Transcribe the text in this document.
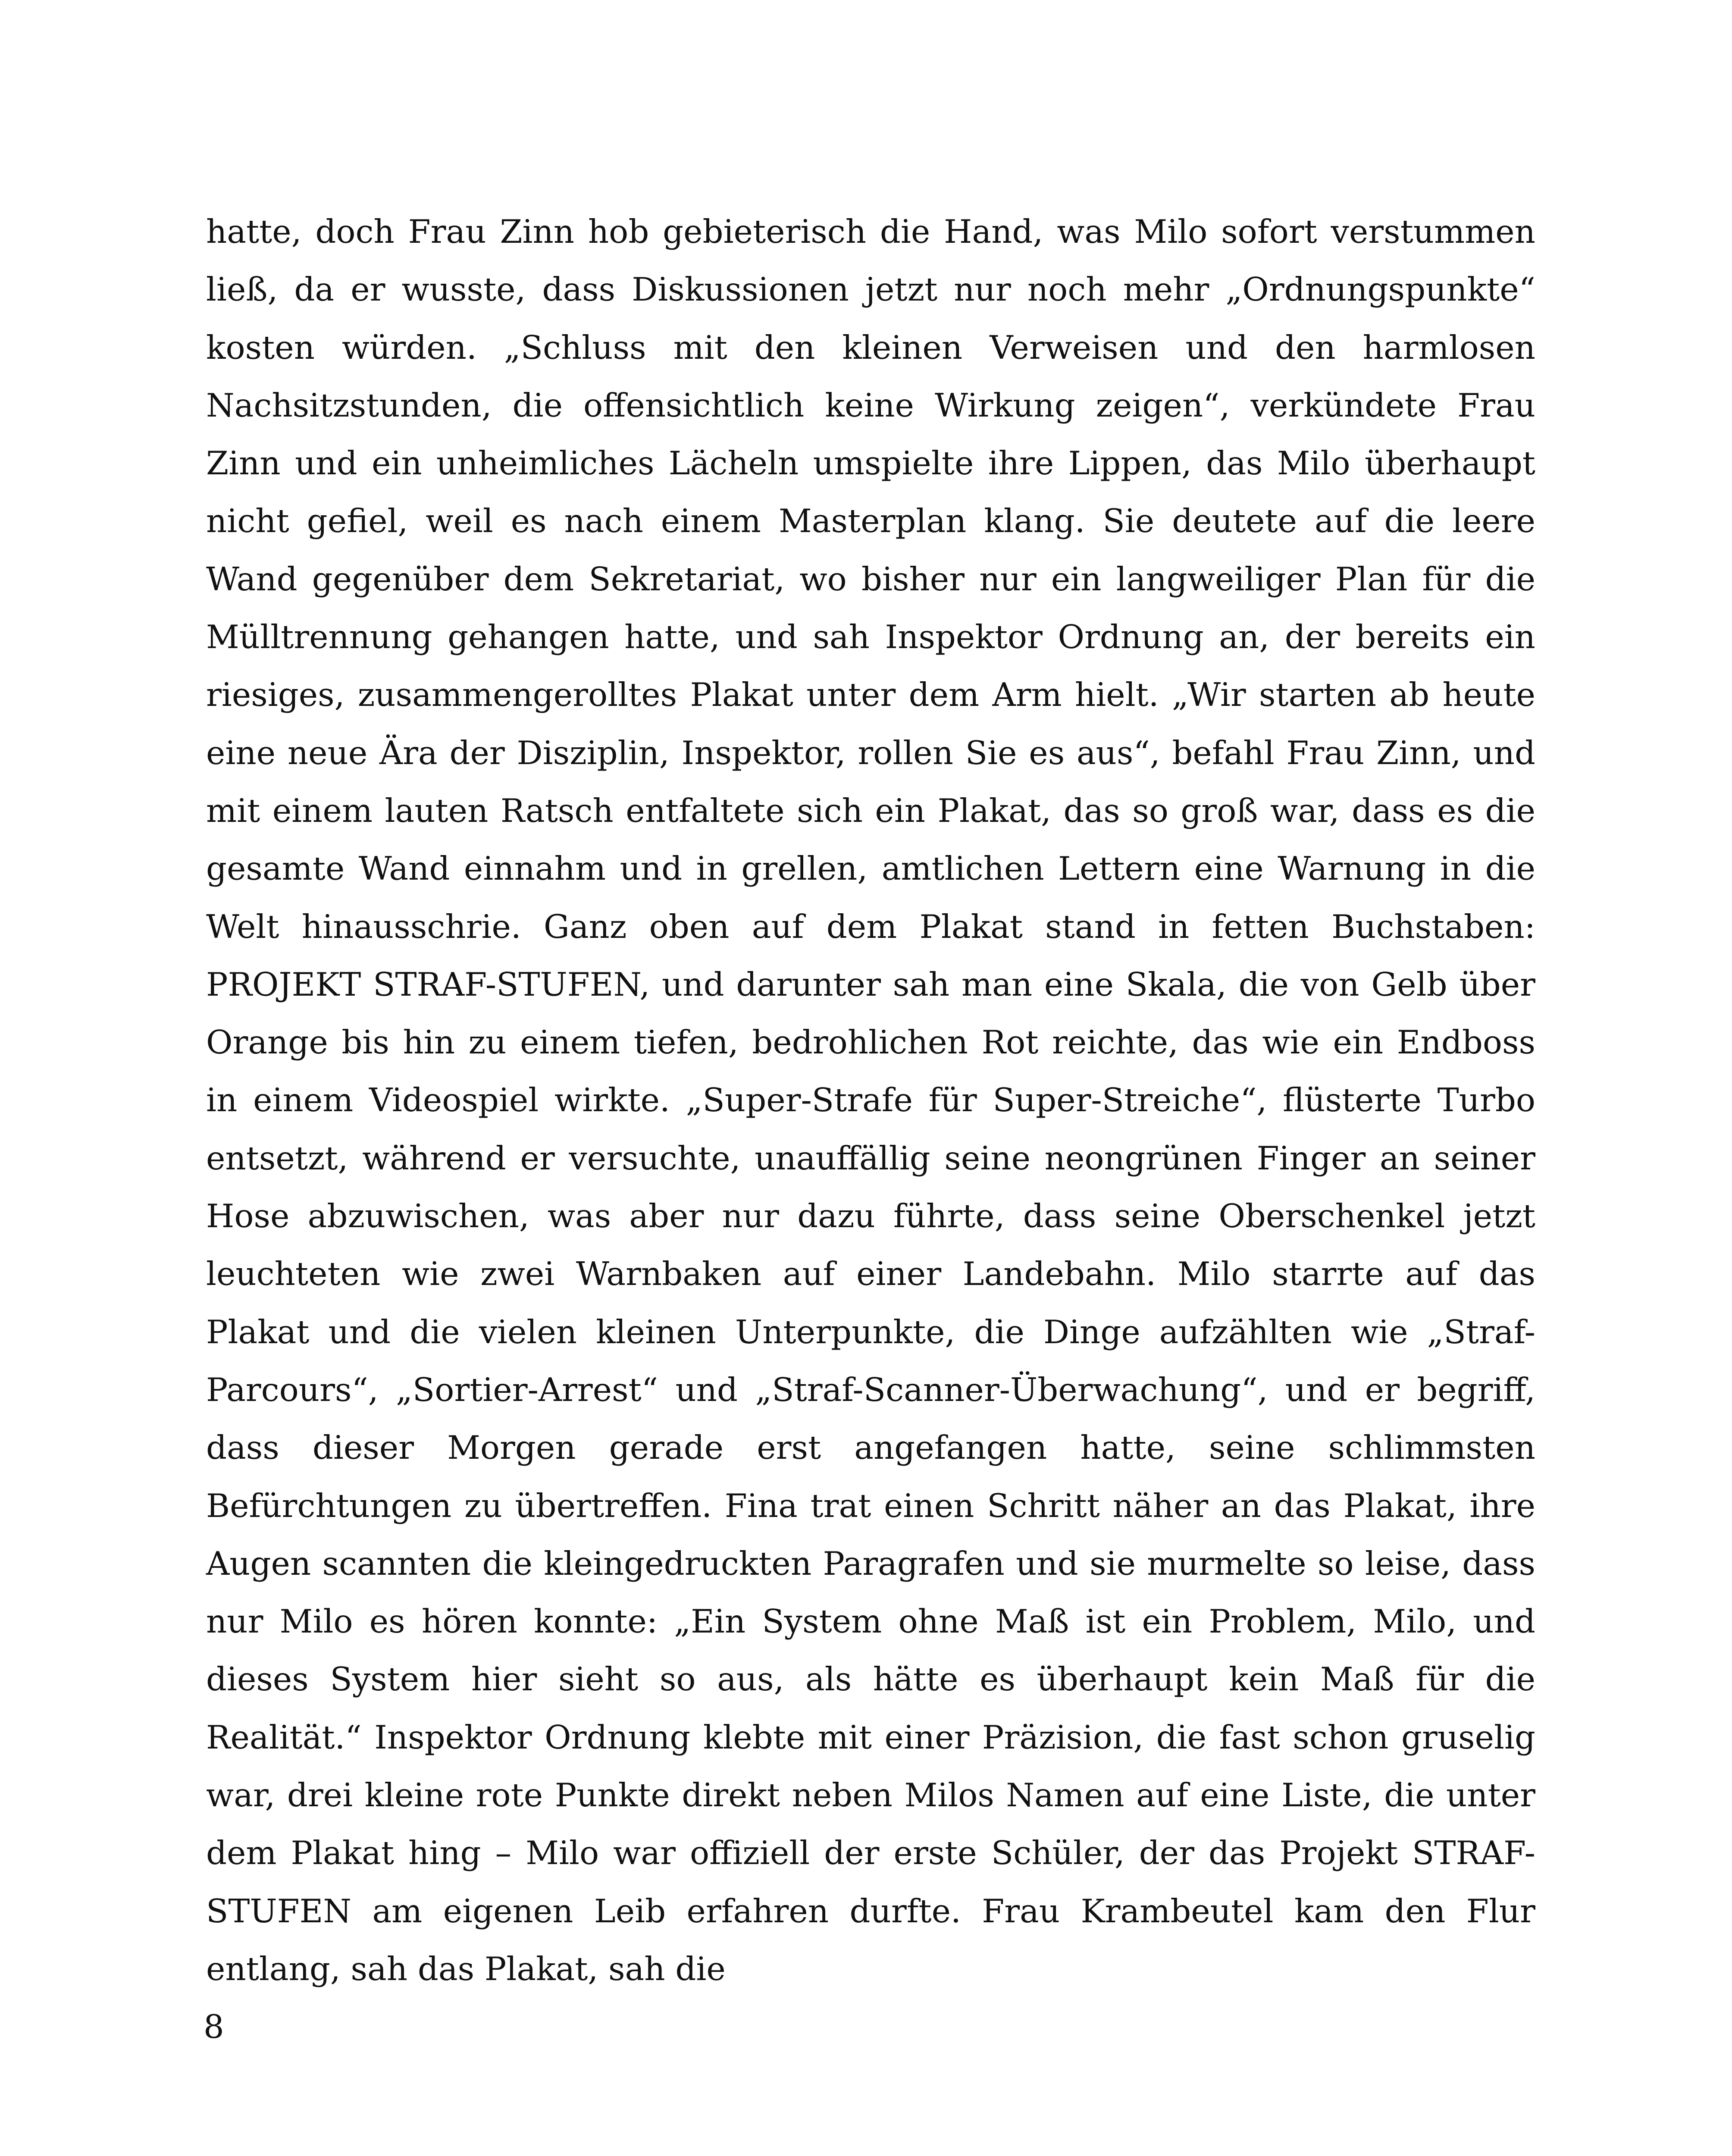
hatte, doch Frau Zinn hob gebieterisch die Hand, was Milo sofort verstummen ließ, da er wusste, dass Diskussionen jetzt nur noch mehr „Ordnungspunkte“ kosten würden. „Schluss mit den kleinen Verweisen und den harmlosen Nachsitzstunden, die offensichtlich keine Wirkung zeigen“, verkündete Frau Zinn und ein unheimliches Lächeln umspielte ihre Lippen, das Milo überhaupt nicht gefiel, weil es nach einem Masterplan klang. Sie deutete auf die leere Wand gegenüber dem Sekretariat, wo bisher nur ein langweiliger Plan für die Mülltrennung gehangen hatte, und sah Inspektor Ordnung an, der bereits ein riesiges, zusammengerolltes Plakat unter dem Arm hielt. „Wir starten ab heute eine neue Ära der Disziplin, Inspektor, rollen Sie es aus“, befahl Frau Zinn, und mit einem lauten Ratsch entfaltete sich ein Plakat, das so groß war, dass es die gesamte Wand einnahm und in grellen, amtlichen Lettern eine Warnung in die Welt hinausschrie. Ganz oben auf dem Plakat stand in fetten Buchstaben: PROJEKT STRAF-STUFEN, und darunter sah man eine Skala, die von Gelb über Orange bis hin zu einem tiefen, bedrohlichen Rot reichte, das wie ein Endboss in einem Videospiel wirkte. „Super-Strafe für Super-Streiche“, flüsterte Turbo entsetzt, während er versuchte, unauffällig seine neongrünen Finger an seiner Hose abzuwischen, was aber nur dazu führte, dass seine Oberschenkel jetzt leuchteten wie zwei Warnbaken auf einer Landebahn. Milo starrte auf das Plakat und die vielen kleinen Unterpunkte, die Dinge aufzählten wie „Straf-Parcours“, „Sortier-Arrest“ und „Straf-Scanner-Überwachung“, und er begriff, dass dieser Morgen gerade erst angefangen hatte, seine schlimmsten Befürchtungen zu übertreffen. Fina trat einen Schritt näher an das Plakat, ihre Augen scannten die kleingedruckten Paragrafen und sie murmelte so leise, dass nur Milo es hören konnte: „Ein System ohne Maß ist ein Problem, Milo, und dieses System hier sieht so aus, als hätte es überhaupt kein Maß für die Realität.“ Inspektor Ordnung klebte mit einer Präzision, die fast schon gruselig war, drei kleine rote Punkte direkt neben Milos Namen auf eine Liste, die unter dem Plakat hing – Milo war offiziell der erste Schüler, der das Projekt STRAF-STUFEN am eigenen Leib erfahren durfte. Frau Krambeutel kam den Flur entlang, sah das Plakat, sah die

8
